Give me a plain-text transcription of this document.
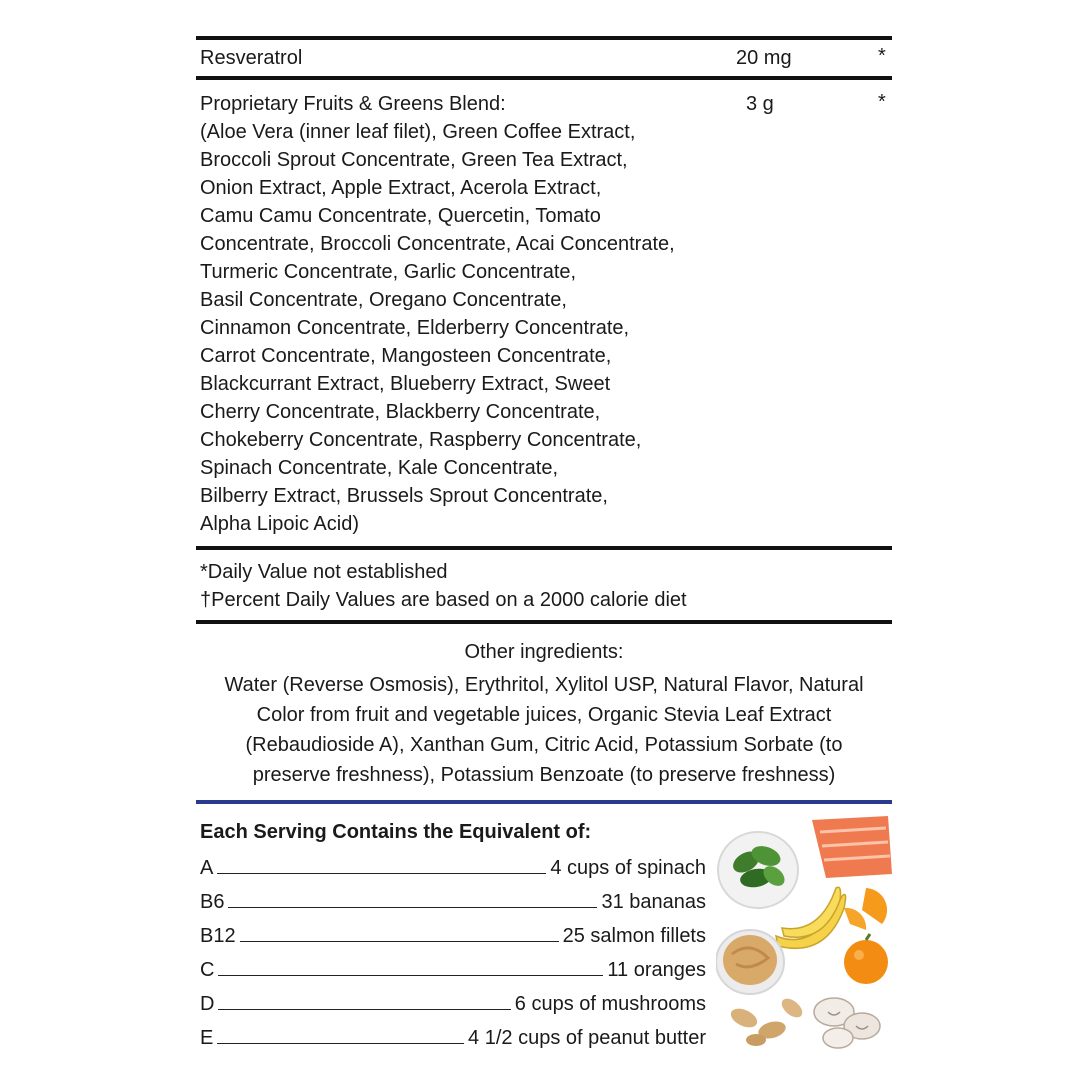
Resveratrol	20 mg	*
Proprietary Fruits & Greens Blend:
(Aloe Vera (inner leaf filet), Green Coffee Extract,
Broccoli Sprout Concentrate, Green Tea Extract,
Onion Extract, Apple Extract, Acerola Extract,
Camu Camu Concentrate, Quercetin, Tomato
Concentrate, Broccoli Concentrate, Acai Concentrate,
Turmeric Concentrate, Garlic Concentrate,
Basil Concentrate, Oregano Concentrate,
Cinnamon Concentrate, Elderberry Concentrate,
Carrot Concentrate, Mangosteen Concentrate,
Blackcurrant Extract, Blueberry Extract, Sweet
Cherry Concentrate, Blackberry Concentrate,
Chokeberry Concentrate, Raspberry Concentrate,
Spinach Concentrate, Kale Concentrate,
Bilberry Extract, Brussels Sprout Concentrate,
Alpha Lipoic Acid)
3 g	*
*Daily Value not established
†Percent Daily Values are based on a 2000 calorie diet
Other ingredients:
Water (Reverse Osmosis), Erythritol, Xylitol USP, Natural Flavor, Natural
Color from fruit and vegetable juices, Organic Stevia Leaf Extract
(Rebaudioside A), Xanthan Gum, Citric Acid, Potassium Sorbate (to
preserve freshness), Potassium Benzoate (to preserve freshness)
Each Serving Contains the Equivalent of:
A	4 cups of spinach
B6	31 bananas
B12	25 salmon fillets
C	11 oranges
D	6 cups of mushrooms
E	4 1/2 cups of peanut butter
